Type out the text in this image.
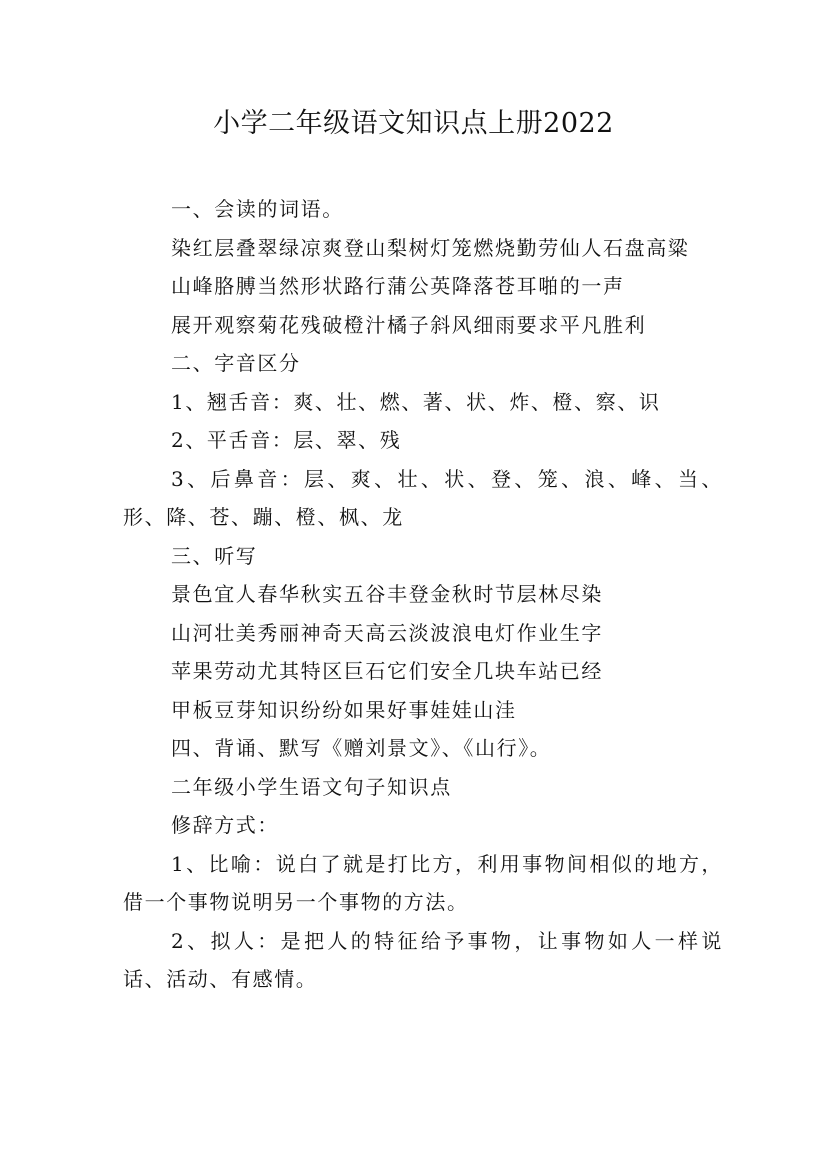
小学二年级语文知识点上册2022

一、会读的词语。

染红层叠翠绿凉爽登山梨树灯笼燃烧勤劳仙人石盘高粱

山峰胳膊当然形状路行蒲公英降落苍耳啪的一声

展开观察菊花残破橙汁橘子斜风细雨要求平凡胜利

二、字音区分

1、翘舌音：爽、壮、燃、著、状、炸、橙、察、识

2、平舌音：层、翠、残

3、后鼻音：层、爽、壮、状、登、笼、浪、峰、当、形、降、苍、蹦、橙、枫、龙

三、听写

景色宜人春华秋实五谷丰登金秋时节层林尽染

山河壮美秀丽神奇天高云淡波浪电灯作业生字

苹果劳动尤其特区巨石它们安全几块车站已经

甲板豆芽知识纷纷如果好事娃娃山洼

四、背诵、默写《赠刘景文》、《山行》。

二年级小学生语文句子知识点

修辞方式：

1、比喻：说白了就是打比方，利用事物间相似的地方，借一个事物说明另一个事物的方法。

2、拟人：是把人的特征给予事物，让事物如人一样说话、活动、有感情。
